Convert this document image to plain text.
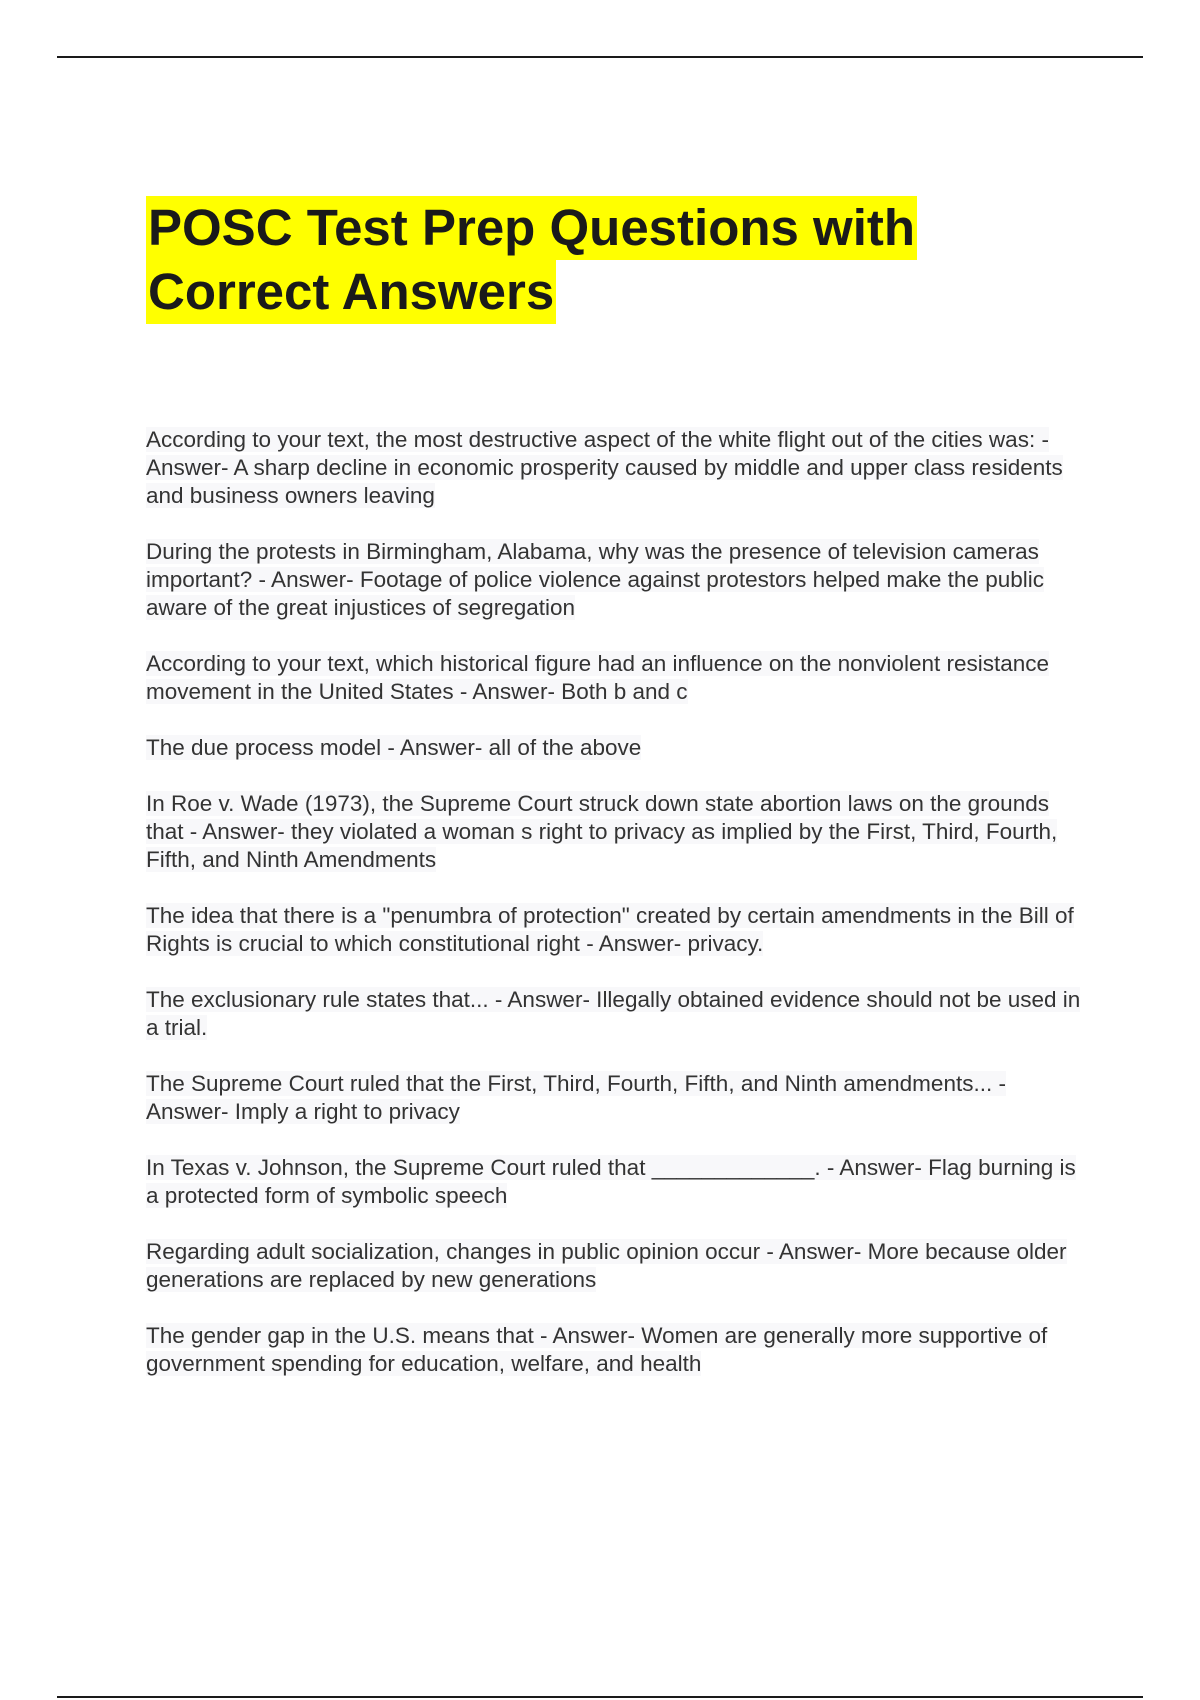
POSC Test Prep Questions with
Correct Answers

According to your text, the most destructive aspect of the white flight out of the cities was: - Answer- A sharp decline in economic prosperity caused by middle and upper class residents and business owners leaving

During the protests in Birmingham, Alabama, why was the presence of television cameras important? - Answer- Footage of police violence against protestors helped make the public aware of the great injustices of segregation

According to your text, which historical figure had an influence on the nonviolent resistance movement in the United States - Answer- Both b and c

The due process model - Answer- all of the above

In Roe v. Wade (1973), the Supreme Court struck down state abortion laws on the grounds that - Answer- they violated a woman s right to privacy as implied by the First, Third, Fourth, Fifth, and Ninth Amendments

The idea that there is a "penumbra of protection" created by certain amendments in the Bill of Rights is crucial to which constitutional right - Answer- privacy.

The exclusionary rule states that... - Answer- Illegally obtained evidence should not be used in a trial.

The Supreme Court ruled that the First, Third, Fourth, Fifth, and Ninth amendments... - Answer- Imply a right to privacy

In Texas v. Johnson, the Supreme Court ruled that _____________. - Answer- Flag burning is a protected form of symbolic speech

Regarding adult socialization, changes in public opinion occur - Answer- More because older generations are replaced by new generations

The gender gap in the U.S. means that - Answer- Women are generally more supportive of government spending for education, welfare, and health
